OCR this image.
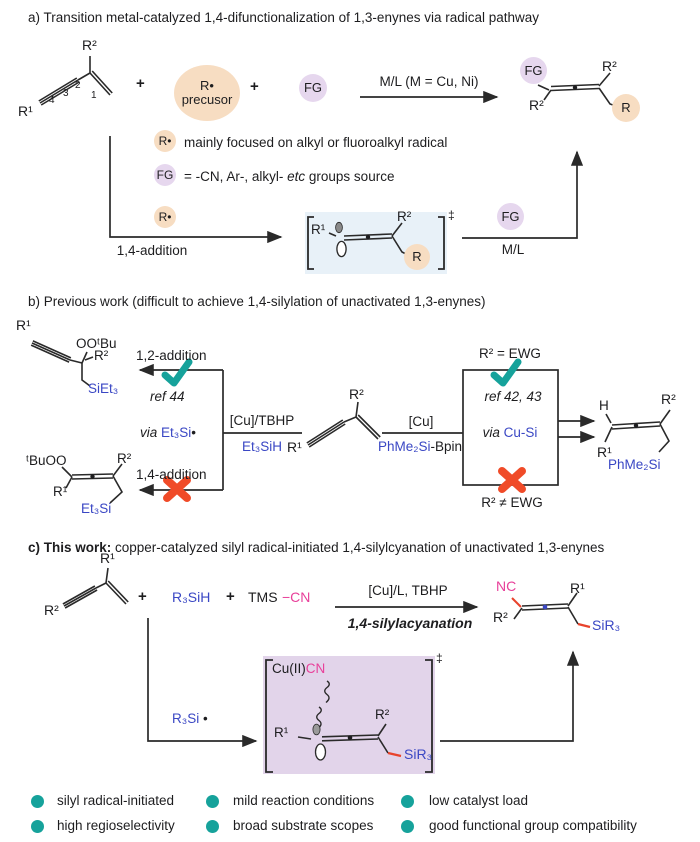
a) Transition metal-catalyzed 1,4-difunctionalization of 1,3-enynes via radical pathway
R¹
4
3
2
1
R²
+	R•
precusor
+	FG	M/L (M = Cu, Ni)
FG	R²
R²	R
R• mainly focused on alkyl or fluoroalkyl radical
FG = -CN, Ar-, alkyl- etc groups source
R•
1,4-addition
R¹
R²
R
‡	FG
M/L
b) Previous work (difficult to achieve 1,4-silylation of unactivated 1,3-enynes)
R¹
OOᵗBu
R²
SiEt₃
1,2-addition
ref 44
[Cu]/TBHP
Et₃SiH
via Et₃Si•
1,4-addition
ᵗBuOO
R¹
R²
Et₃Si
R¹
R²
[Cu]
PhMe₂Si-Bpin
R² = EWG
ref 42, 43
via Cu-Si
R² ≠ EWG
H	R²
R¹
PhMe₂Si
c) This work: copper-catalyzed silyl radical-initiated 1,4-silylcyanation of unactivated 1,3-enynes
R¹
R²
+ R₃SiH + TMS −CN	[Cu]/L, TBHP
1,4-silylacyanation
NC	R¹
R²	SiR₃
R₃Si •
Cu(II)CN
R¹
R²
SiR₃
‡
silyl radical-initiated	mild reaction conditions	low catalyst load
high regioselectivity	broad substrate scopes	good functional group compatibility
